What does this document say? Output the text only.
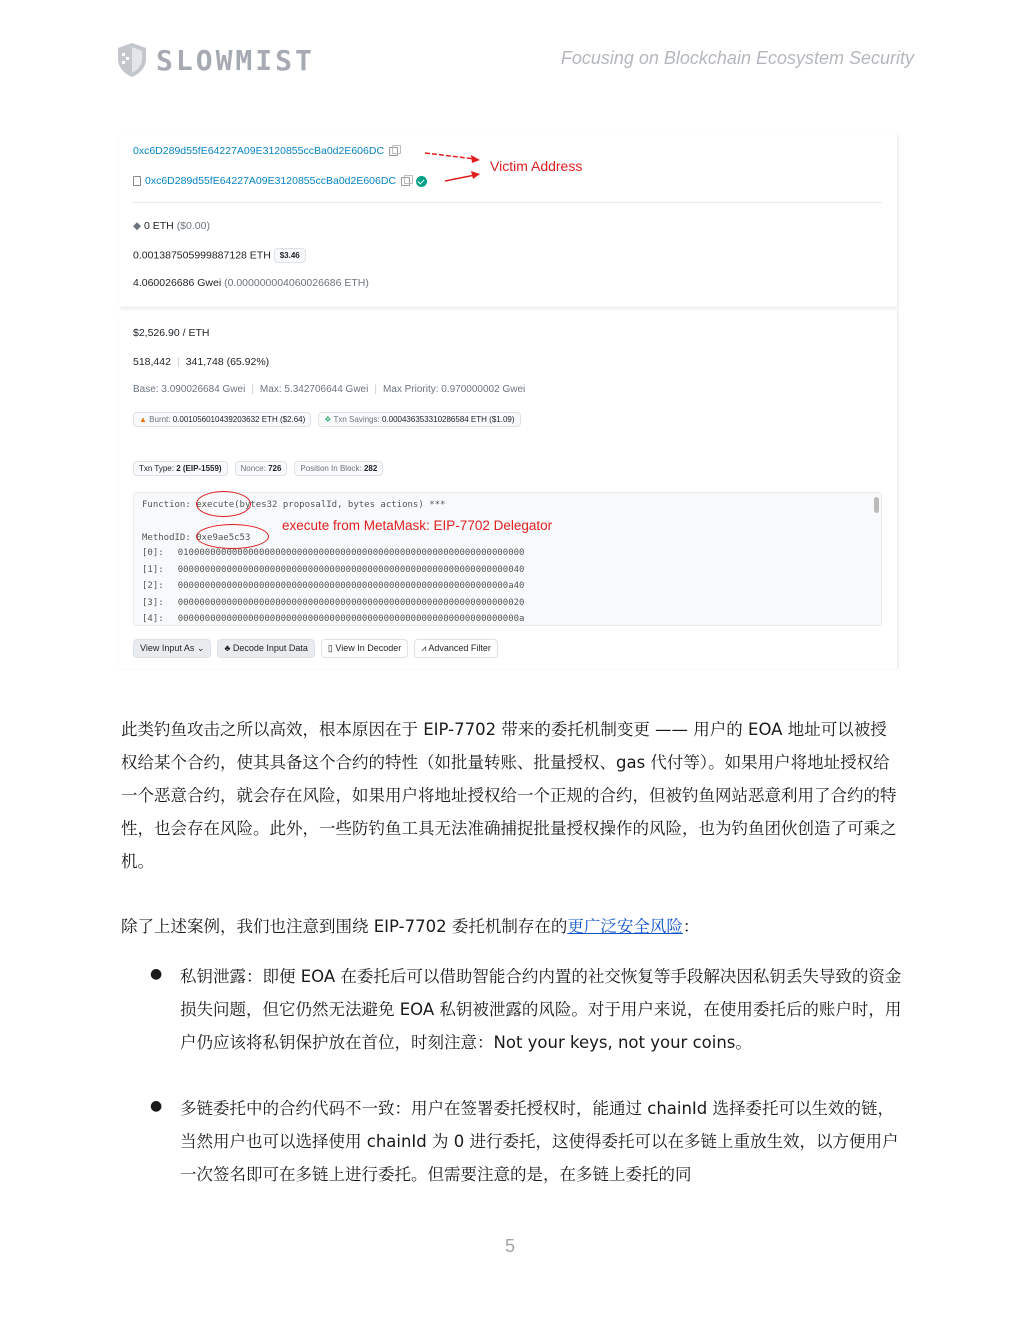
SLOWMIST	Focusing on Blockchain Ecosystem Security
0xc6D289d55fE64227A09E3120855ccBa0d2E606DC
0xc6D289d55fE64227A09E3120855ccBa0d2E606DC
Victim Address
◆ 0 ETH ($0.00)
0.001387505999887128 ETH $3.46
4.060026686 Gwei (0.000000004060026686 ETH)
$2,526.90 / ETH
518,442 | 341,748 (65.92%)
Base: 3.090026684 Gwei | Max: 5.342706644 Gwei | Max Priority: 0.970000002 Gwei
▲ Burnt: 0.001056010439203632 ETH ($2.64) ❖ Txn Savings: 0.000436353310286584 ETH ($1.09)
Txn Type: 2 (EIP-1559) Nonce: 726 Position In Block: 282
Function: execute(bytes32 proposalId, bytes actions) ***
MethodID: 0xe9ae5c53
execute from MetaMask: EIP-7702 Delegator
[0]: 0100000000000000000000000000000000000000000000000000000000000000
[1]: 0000000000000000000000000000000000000000000000000000000000000040
[2]: 0000000000000000000000000000000000000000000000000000000000000a40
[3]: 0000000000000000000000000000000000000000000000000000000000000020
[4]: 000000000000000000000000000000000000000000000000000000000000000a
View Input As ⌄	♣ Decode Input Data	▯ View In Decoder	⩘ Advanced Filter
此类钓鱼攻击之所以高效，根本原因在于 EIP-7702 带来的委托机制变更 —— 用户的 EOA 地址可以被授权给某个合约，使其具备这个合约的特性（如批量转账、批量授权、gas 代付等）。如果用户将地址授权给一个恶意合约，就会存在风险，如果用户将地址授权给一个正规的合约，但被钓鱼网站恶意利用了合约的特性，也会存在风险。此外，一些防钓鱼工具无法准确捕捉批量授权操作的风险，也为钓鱼团伙创造了可乘之机。
除了上述案例，我们也注意到围绕 EIP-7702 委托机制存在的更广泛安全风险：
● 私钥泄露：即便 EOA 在委托后可以借助智能合约内置的社交恢复等手段解决因私钥丢失导致的资金损失问题，但它仍然无法避免 EOA 私钥被泄露的风险。对于用户来说，在使用委托后的账户时，用户仍应该将私钥保护放在首位，时刻注意：Not your keys, not your coins。
● 多链委托中的合约代码不一致：用户在签署委托授权时，能通过 chainId 选择委托可以生效的链，当然用户也可以选择使用 chainId 为 0 进行委托，这使得委托可以在多链上重放生效，以方便用户一次签名即可在多链上进行委托。但需要注意的是，在多链上委托的同
5
